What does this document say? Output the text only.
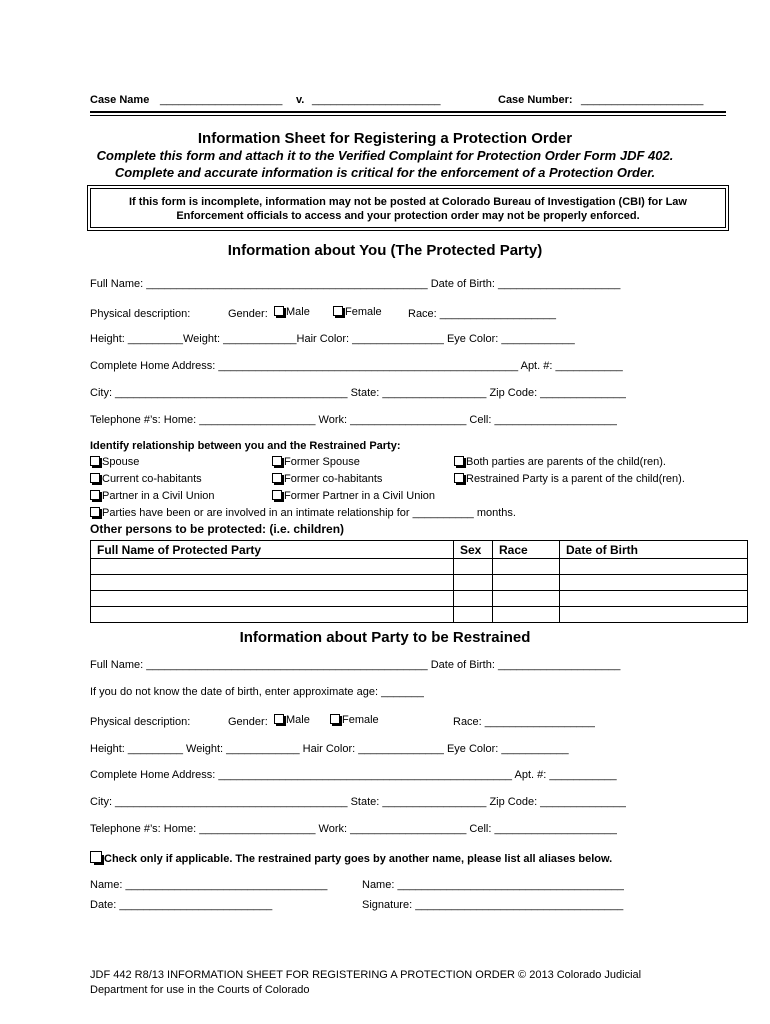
Case Name ____________________ v. _____________________	Case Number: ____________________
Information Sheet for Registering a Protection Order
Complete this form and attach it to the Verified Complaint for Protection Order Form JDF 402.
Complete and accurate information is critical for the enforcement of a Protection Order.
If this form is incomplete, information may not be posted at Colorado Bureau of Investigation (CBI) for Law
Enforcement officials to access and your protection order may not be properly enforced.
Information about You (The Protected Party)
Full Name: ______________________________________________ Date of Birth: ____________________
Physical description:	Gender:	Male	Female Race: ___________________
Height: _________Weight: ____________Hair Color: _______________ Eye Color: ____________
Complete Home Address: _________________________________________________ Apt. #: ___________
City: ______________________________________ State: _________________ Zip Code: ______________
Telephone #’s: Home: ___________________ Work: ___________________ Cell: ____________________
Identify relationship between you and the Restrained Party:
Spouse	Former Spouse	Both parties are parents of the child(ren).
Current co-habitants	Former co-habitants	Restrained Party is a parent of the child(ren).
Partner in a Civil Union	Former Partner in a Civil Union
Parties have been or are involved in an intimate relationship for __________ months.
Other persons to be protected: (i.e. children)
Full Name of Protected Party	Sex	Race	Date of Birth

Information about Party to be Restrained
Full Name: ______________________________________________ Date of Birth: ____________________
If you do not know the date of birth, enter approximate age: _______
Physical description:	Gender:	Male	Female	Race: __________________
Height: _________ Weight: ____________ Hair Color: ______________ Eye Color: ___________
Complete Home Address: ________________________________________________ Apt. #: ___________
City: ______________________________________ State: _________________ Zip Code: ______________
Telephone #’s: Home: ___________________ Work: ___________________ Cell: ____________________
Check only if applicable. The restrained party goes by another name, please list all aliases below.
Name: _________________________________	Name: _____________________________________
Date: _________________________	Signature: __________________________________
JDF 442 R8/13 INFORMATION SHEET FOR REGISTERING A PROTECTION ORDER © 2013 Colorado Judicial
Department for use in the Courts of Colorado
